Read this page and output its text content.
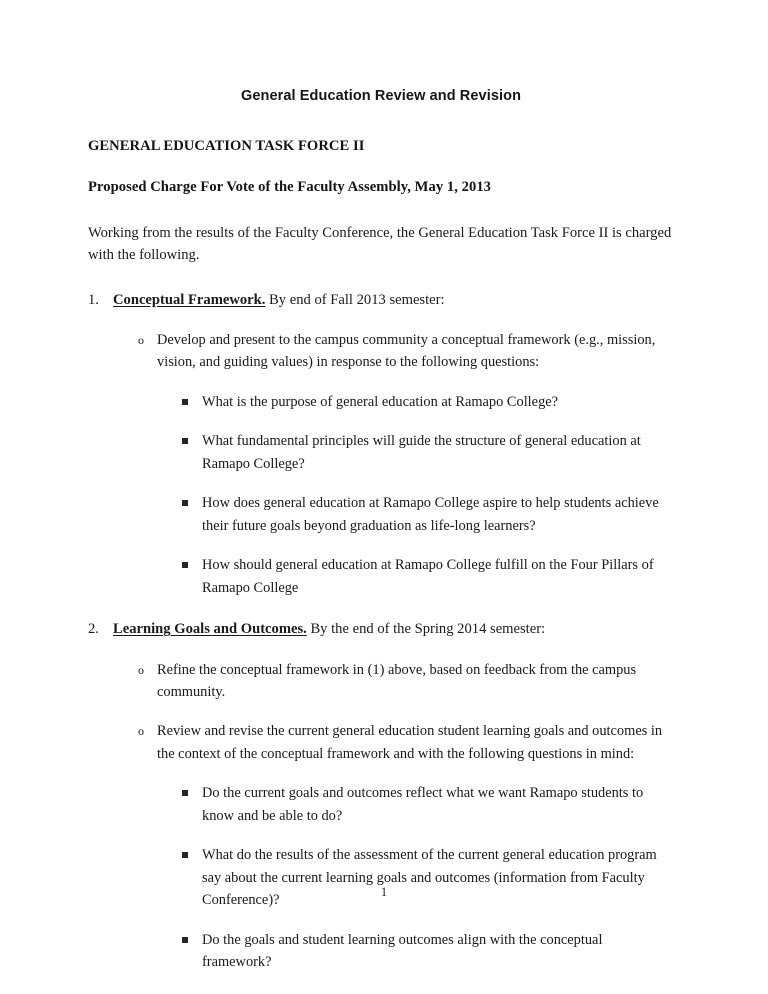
General Education Review and Revision
GENERAL EDUCATION TASK FORCE II
Proposed Charge For Vote of the Faculty Assembly, May 1, 2013
Working from the results of the Faculty Conference, the General Education Task Force II is charged with the following.
1. Conceptual Framework. By end of Fall 2013 semester:
o Develop and present to the campus community a conceptual framework (e.g., mission, vision, and guiding values) in response to the following questions:
What is the purpose of general education at Ramapo College?
What fundamental principles will guide the structure of general education at Ramapo College?
How does general education at Ramapo College aspire to help students achieve their future goals beyond graduation as life-long learners?
How should general education at Ramapo College fulfill on the Four Pillars of Ramapo College
2. Learning Goals and Outcomes. By the end of the Spring 2014 semester:
o Refine the conceptual framework in (1) above, based on feedback from the campus community.
o Review and revise the current general education student learning goals and outcomes in the context of the conceptual framework and with the following questions in mind:
Do the current goals and outcomes reflect what we want Ramapo students to know and be able to do?
What do the results of the assessment of the current general education program say about the current learning goals and outcomes (information from Faculty Conference)?
Do the goals and student learning outcomes align with the conceptual framework?
1
